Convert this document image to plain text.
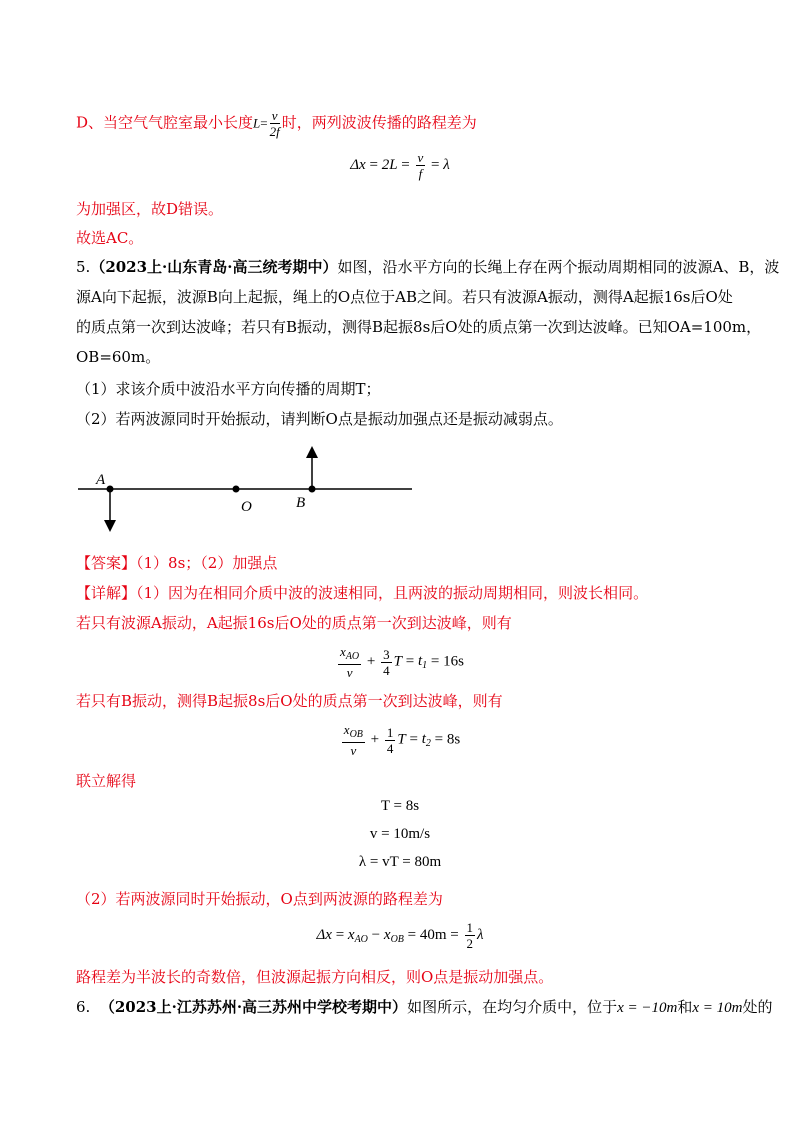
D、当空气气腔室最小长度$L= \frac{v}{2f}$ 时，两列波波传播的路程差为
$\Delta x = 2L = \frac{v}{f} = \lambda$
为加强区，故D错误。
故选AC。
5.（2023上·山东青岛·高三统考期中）如图，沿水平方向的长绳上存在两个振动周期相同的波源A、B，波
源A向下起振，波源B向上起振，绳上的O点位于AB之间。若只有波源A振动，测得A起振16s后O处
的质点第一次到达波峰；若只有B振动，测得B起振8s后O处的质点第一次到达波峰。已知OA=100m，
OB=60m。
（1）求该介质中波沿水平方向传播的周期T；
（2）若两波源同时开始振动，请判断O点是振动加强点还是振动减弱点。
A
O	B
【答案】（1）8s；（2）加强点
【详解】（1）因为在相同介质中波的波速相同，且两波的振动周期相同，则波长相同。
若只有波源A振动，A起振16s后O处的质点第一次到达波峰，则有
$\frac{x_{AO}}{v} + \frac{3}{4}$ $T = t_1 = 16s$
若只有B振动，测得B起振8s后O处的质点第一次到达波峰，则有
$\frac{x_{OB}}{v} + \frac{1}{4}$ $T = t_2 = 8s$
联立解得
T = 8s
v = 10m/s
λ = vT = 80m
（2）若两波源同时开始振动，O点到两波源的路程差为
$\Delta x = x_{AO} - x_{OB} = 40m = \frac{1}{2}$ λ
路程差为半波长的奇数倍，但波源起振方向相反，则O点是振动加强点。
6. （2023上·江苏苏州·高三苏州中学校考期中）如图所示，在均匀介质中，位于x = −10m和x = 10m处的
